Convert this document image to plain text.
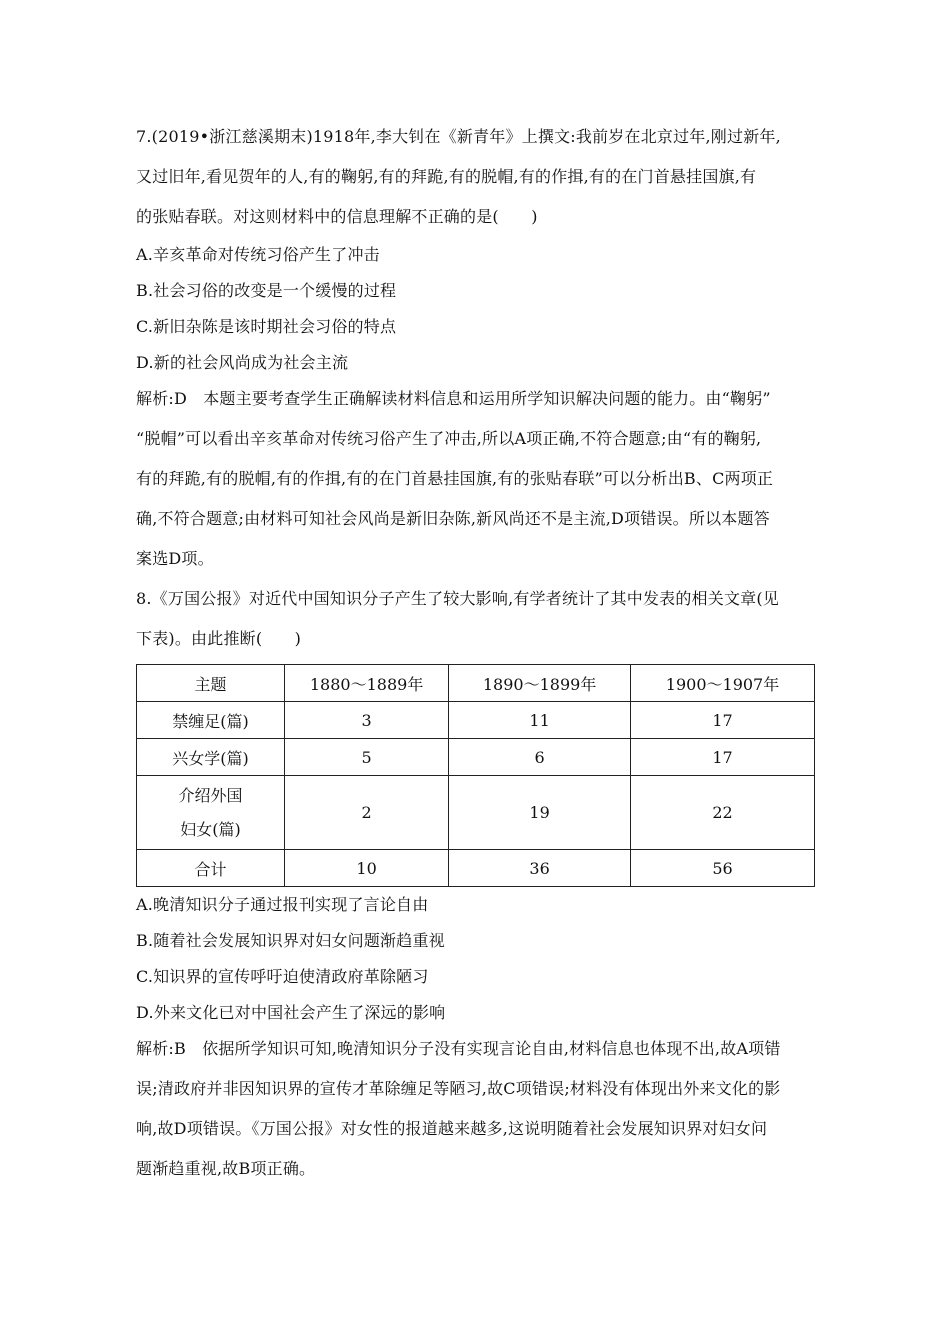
7.(2019•浙江慈溪期末)1918年,李大钊在《新青年》上撰文:我前岁在北京过年,刚过新年,
又过旧年,看见贺年的人,有的鞠躬,有的拜跪,有的脱帽,有的作揖,有的在门首悬挂国旗,有
的张贴春联。对这则材料中的信息理解不正确的是(　　)
A.辛亥革命对传统习俗产生了冲击
B.社会习俗的改变是一个缓慢的过程
C.新旧杂陈是该时期社会习俗的特点
D.新的社会风尚成为社会主流
解析:D　本题主要考查学生正确解读材料信息和运用所学知识解决问题的能力。由“鞠躬”
“脱帽”可以看出辛亥革命对传统习俗产生了冲击,所以A项正确,不符合题意;由“有的鞠躬,
有的拜跪,有的脱帽,有的作揖,有的在门首悬挂国旗,有的张贴春联”可以分析出B、C两项正
确,不符合题意;由材料可知社会风尚是新旧杂陈,新风尚还不是主流,D项错误。所以本题答
案选D项。
8.《万国公报》对近代中国知识分子产生了较大影响,有学者统计了其中发表的相关文章(见
下表)。由此推断(　　)
主题	1880～1889年	1890～1899年	1900～1907年
禁缠足(篇)	3	11	17
兴女学(篇)	5	6	17

介绍外国
妇女(篇)	2	19	22
合计	10	36	56
A.晚清知识分子通过报刊实现了言论自由
B.随着社会发展知识界对妇女问题渐趋重视
C.知识界的宣传呼吁迫使清政府革除陋习
D.外来文化已对中国社会产生了深远的影响
解析:B　依据所学知识可知,晚清知识分子没有实现言论自由,材料信息也体现不出,故A项错
误;清政府并非因知识界的宣传才革除缠足等陋习,故C项错误;材料没有体现出外来文化的影
响,故D项错误。《万国公报》对女性的报道越来越多,这说明随着社会发展知识界对妇女问
题渐趋重视,故B项正确。
